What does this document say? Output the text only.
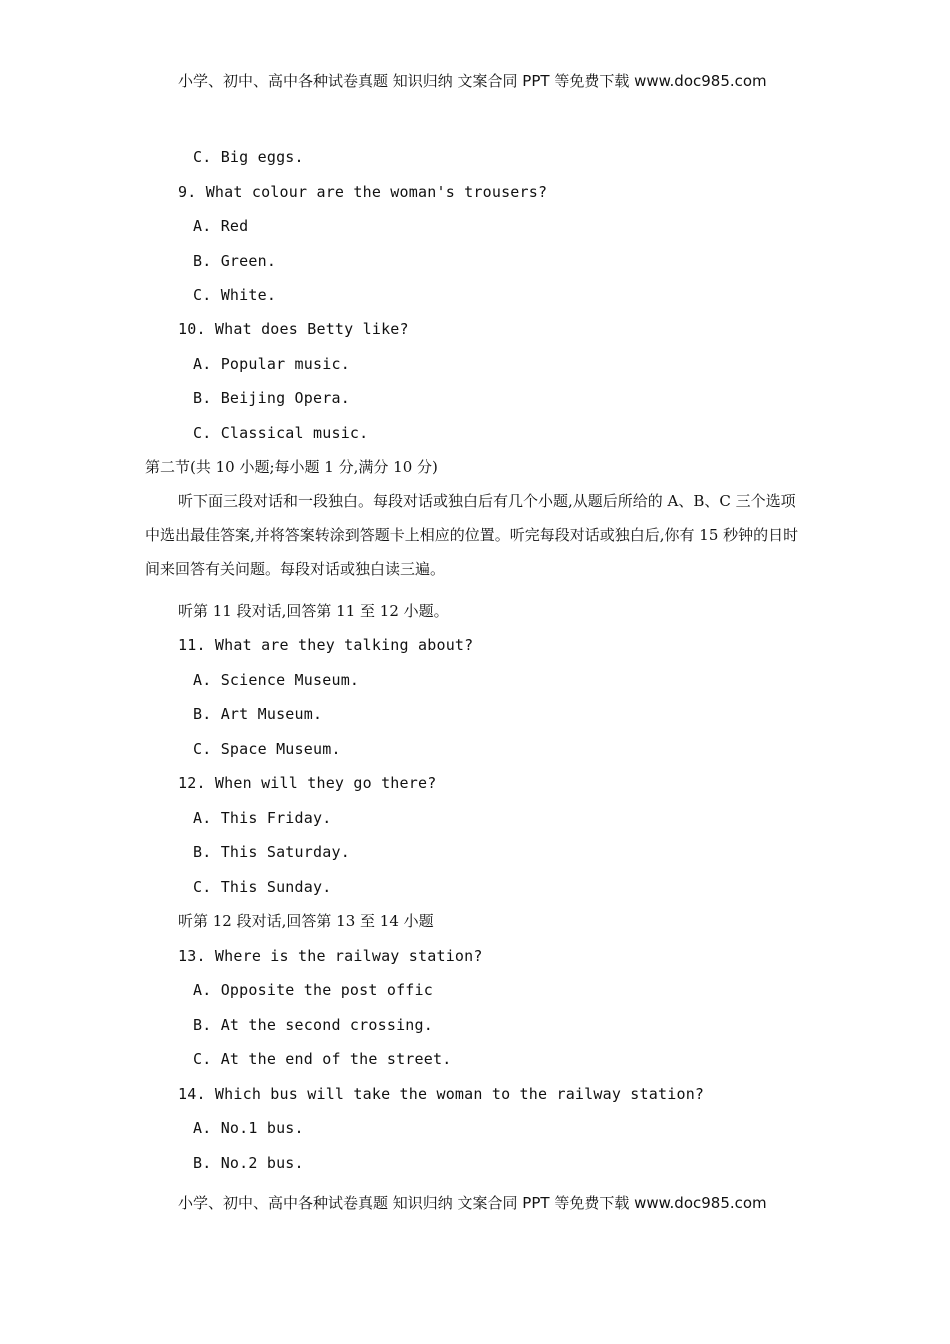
小学、初中、高中各种试卷真题 知识归纳 文案合同 PPT 等免费下载 www.doc985.com
C. Big eggs.
9. What colour are the woman's trousers?
A. Red
B. Green.
C. White.
10. What does Betty like?
A. Popular music.
B. Beijing Opera.
C. Classical music.
第二节(共 10 小题;每小题 1 分,满分 10 分)
听下面三段对话和一段独白。每段对话或独白后有几个小题,从题后所给的 A、B、C 三个选项中选出最佳答案,并将答案转涂到答题卡上相应的位置。听完每段对话或独白后,你有 15 秒钟的日时间来回答有关问题。每段对话或独白读三遍。
听第 11 段对话,回答第 11 至 12 小题。
11. What are they talking about?
A. Science Museum.
B. Art Museum.
C. Space Museum.
12. When will they go there?
A. This Friday.
B. This Saturday.
C. This Sunday.
听第 12 段对话,回答第 13 至 14 小题
13. Where is the railway station?
A. Opposite the post offic
B. At the second crossing.
C. At the end of the street.
14. Which bus will take the woman to the railway station?
A. No.1 bus.
B. No.2 bus.
小学、初中、高中各种试卷真题 知识归纳 文案合同 PPT 等免费下载 www.doc985.com
